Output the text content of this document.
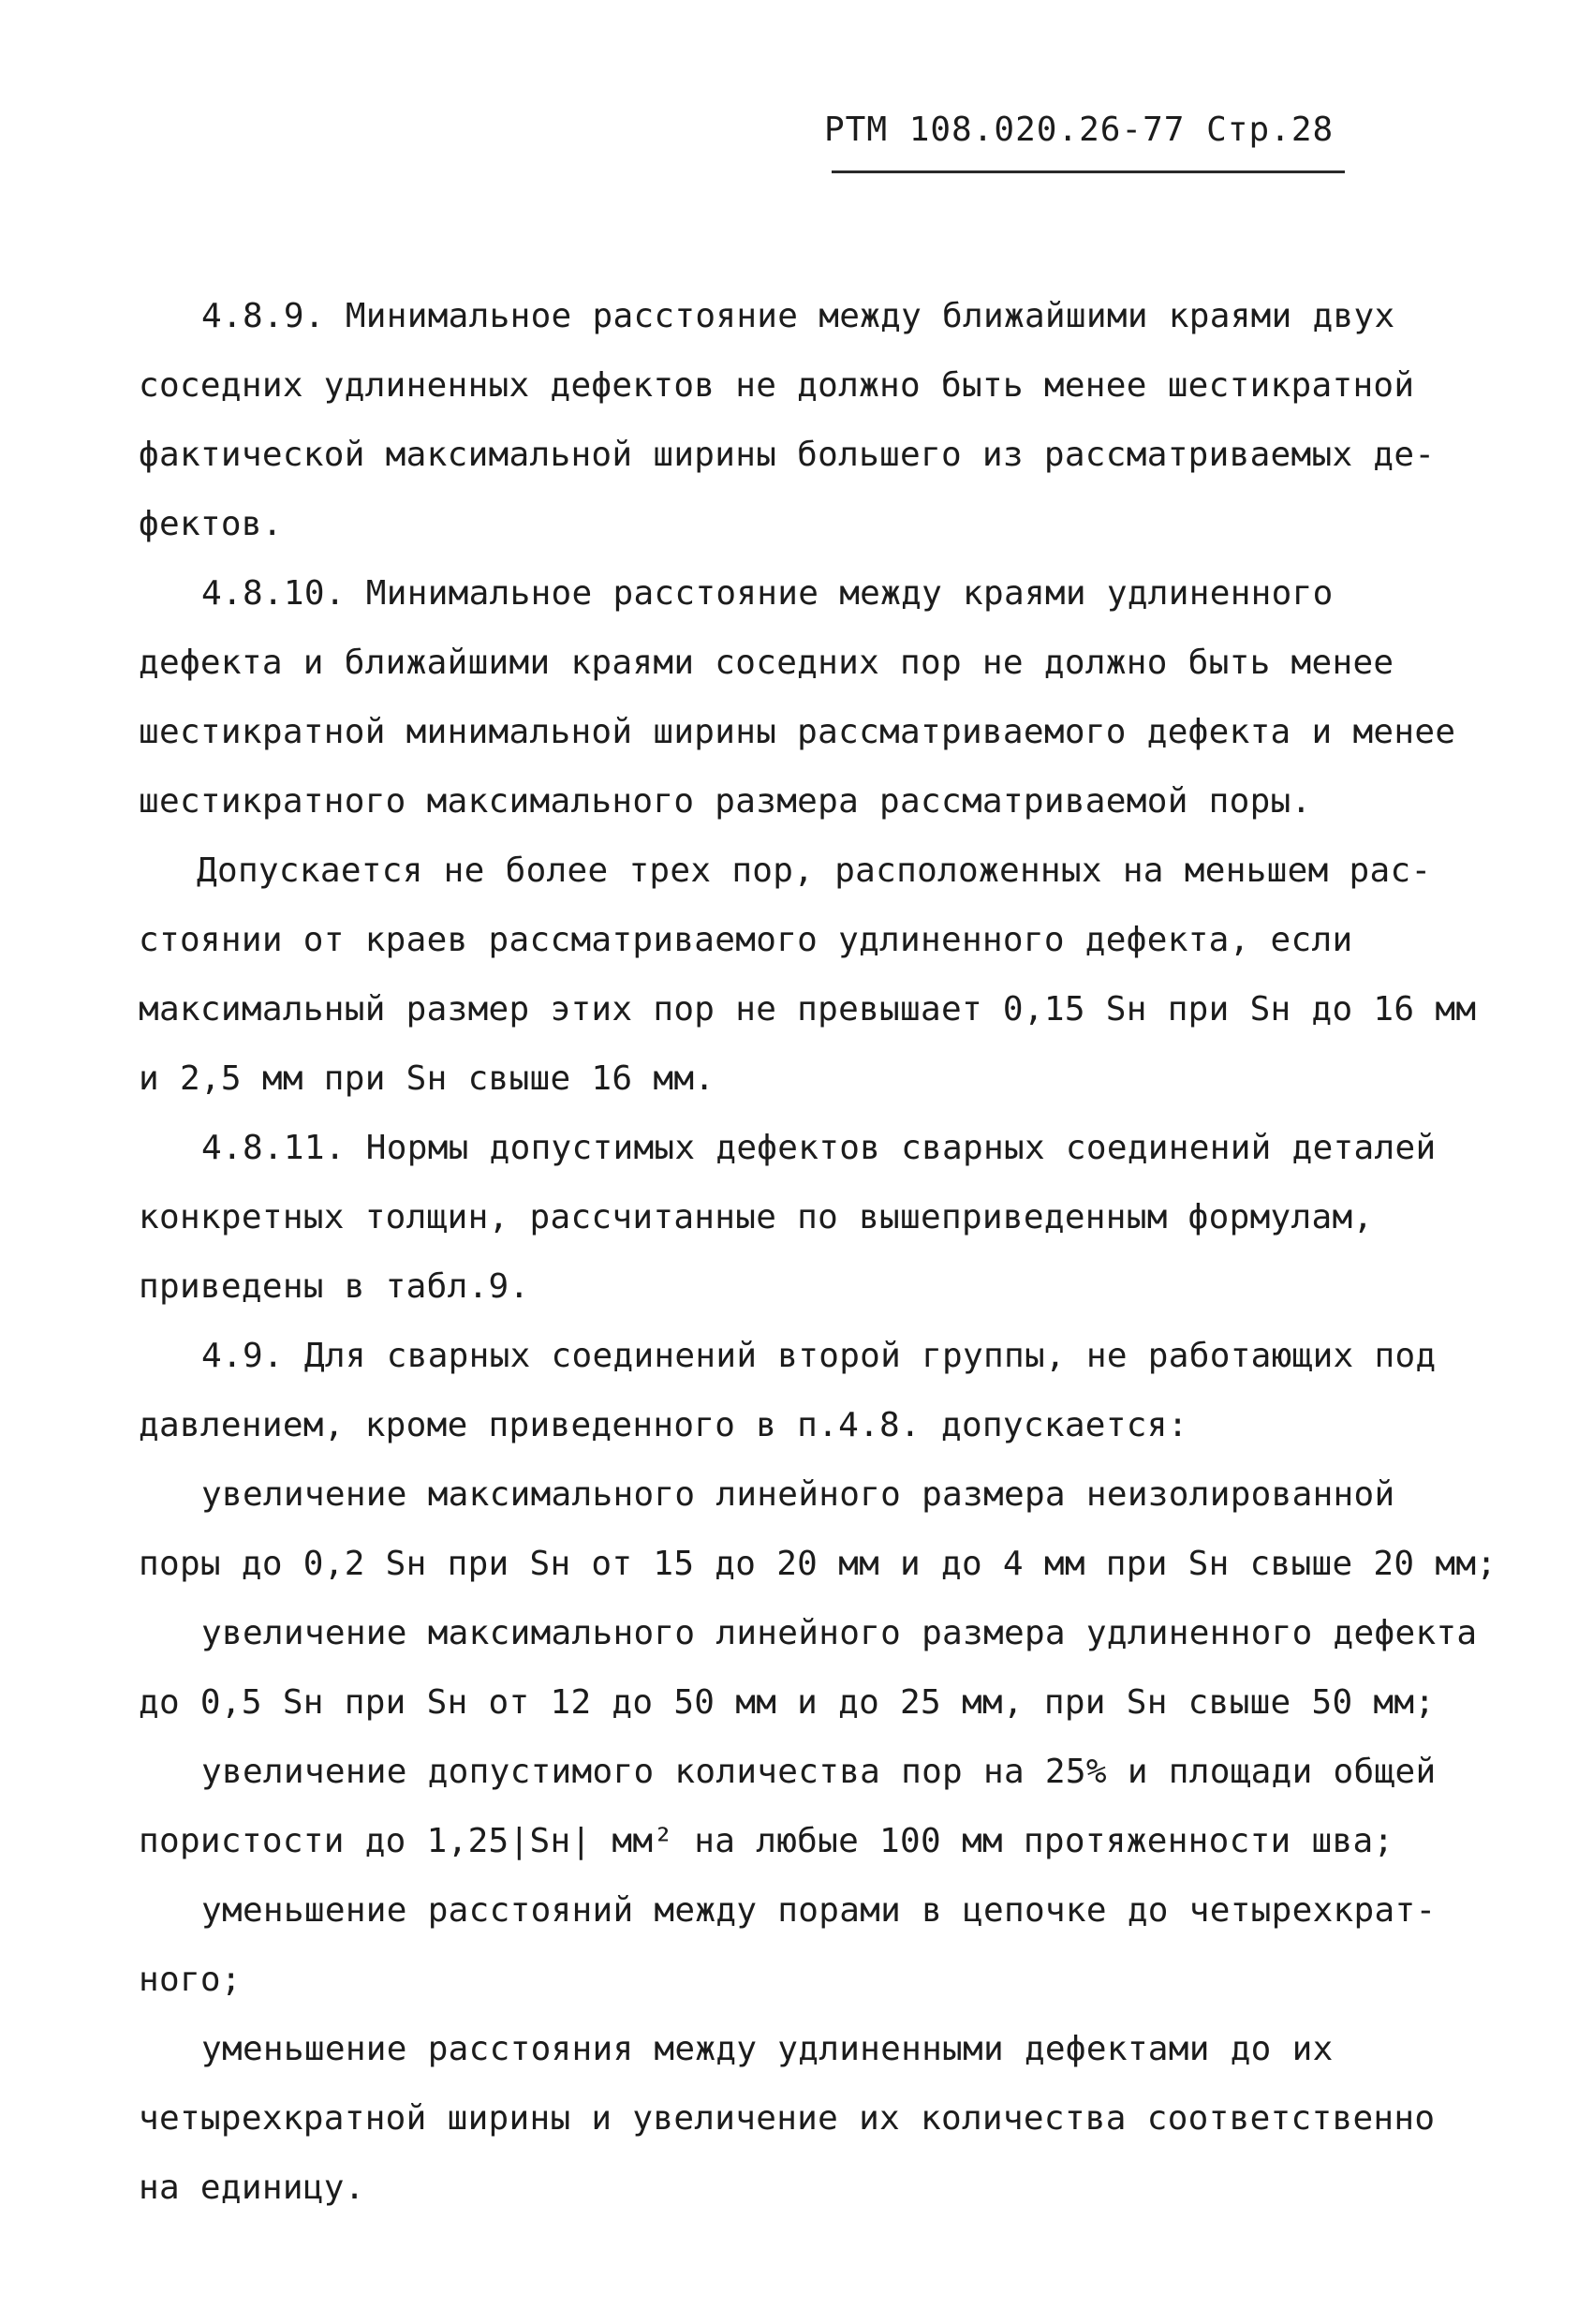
РТМ 108.020.26-77 Стр.28
4.8.9. Минимальное расстояние между ближайшими краями двух
соседних удлиненных дефектов не должно быть менее шестикратной
фактической максимальной ширины большего из рассматриваемых де-
фектов.
4.8.10. Минимальное расстояние между краями удлиненного
дефекта и ближайшими краями соседних пор не должно быть менее
шестикратной минимальной ширины рассматриваемого дефекта и менее
шестикратного максимального размера рассматриваемой поры.
Допускается не более трех пор, расположенных на меньшем рас-
стоянии от краев рассматриваемого удлиненного дефекта, если
максимальный размер этих пор не превышает 0,15 Sн при Sн до 16 мм
и 2,5 мм при Sн свыше 16 мм.
4.8.11. Нормы допустимых дефектов сварных соединений деталей
конкретных толщин, рассчитанные по вышеприведенным формулам,
приведены в табл.9.
4.9. Для сварных соединений второй группы, не работающих под
давлением, кроме приведенного в п.4.8. допускается:
увеличение максимального линейного размера неизолированной
поры до 0,2 Sн при Sн от 15 до 20 мм и до 4 мм при Sн свыше 20 мм;
увеличение максимального линейного размера удлиненного дефекта
до 0,5 Sн при Sн от 12 до 50 мм и до 25 мм, при Sн свыше 50 мм;
увеличение допустимого количества пор на 25% и площади общей
пористости до 1,25|Sн| мм² на любые 100 мм протяженности шва;
уменьшение расстояний между порами в цепочке до четырехкрат-
ного;
уменьшение расстояния между удлиненными дефектами до их
четырехкратной ширины и увеличение их количества соответственно
на единицу.
